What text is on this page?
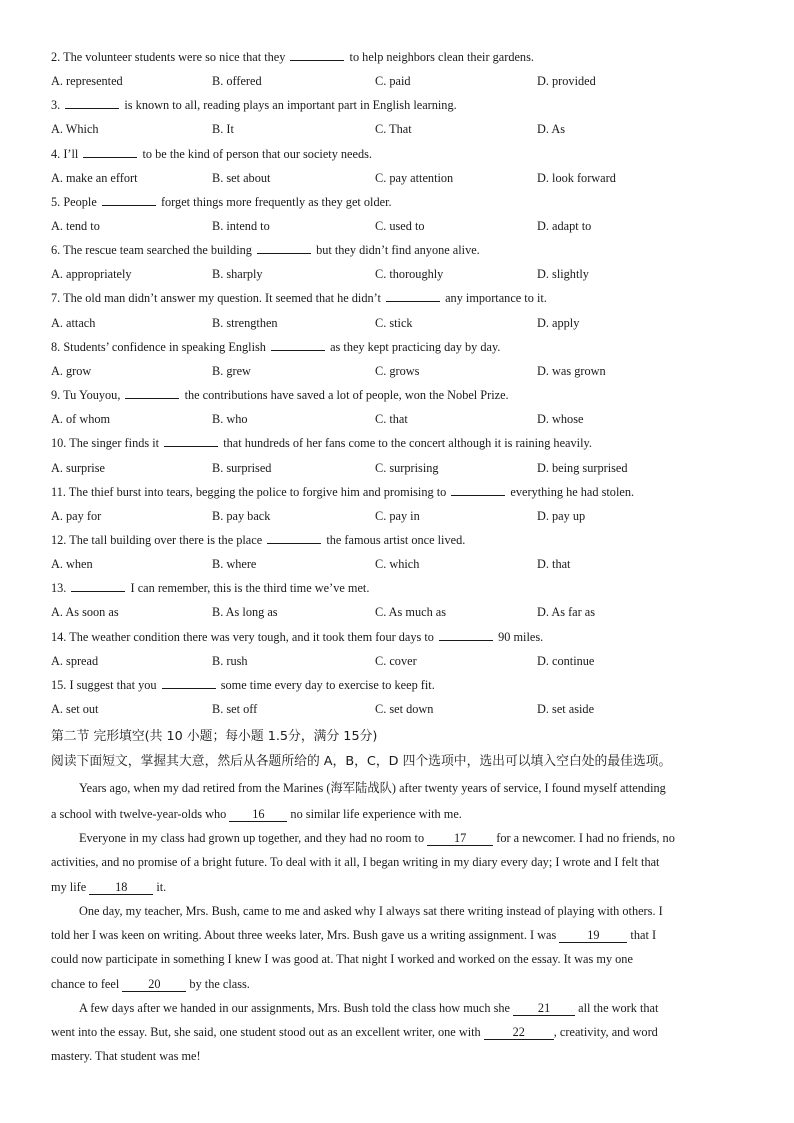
2. The volunteer students were so nice that they	to help neighbors clean their gardens.
A. represented	B. offered	C. paid	D. provided
3.	is known to all, reading plays an important part in English learning.
A. Which	B. It	C. That	D. As
4. I’ll	to be the kind of person that our society needs.
A. make an effort	B. set about	C. pay attention	D. look forward
5. People	forget things more frequently as they get older.
A. tend to	B. intend to	C. used to	D. adapt to
6. The rescue team searched the building	but they didn’t find anyone alive.
A. appropriately	B. sharply	C. thoroughly	D. slightly
7. The old man didn’t answer my question. It seemed that he didn’t	any importance to it.
A. attach	B. strengthen	C. stick	D. apply
8. Students’ confidence in speaking English	as they kept practicing day by day.
A. grow	B. grew	C. grows	D. was grown
9. Tu Youyou,	the contributions have saved a lot of people, won the Nobel Prize.
A. of whom	B. who	C. that	D. whose
10. The singer finds it	that hundreds of her fans come to the concert although it is raining heavily.
A. surprise	B. surprised	C. surprising	D. being surprised
11. The thief burst into tears, begging the police to forgive him and promising to	everything he had stolen.
A. pay for	B. pay back	C. pay in	D. pay up
12. The tall building over there is the place	the famous artist once lived.
A. when	B. where	C. which	D. that
13.	I can remember, this is the third time we’ve met.
A. As soon as	B. As long as	C. As much as	D. As far as
14. The weather condition there was very tough, and it took them four days to	90 miles.
A. spread	B. rush	C. cover	D. continue
15. I suggest that you	some time every day to exercise to keep fit.
A. set out	B. set off	C. set down	D. set aside
第二节 完形填空(共 10 小题；每小题 1.5分，满分 15分)
阅读下面短文，掌握其大意，然后从各题所给的 A，B，C，D 四个选项中，选出可以填入空白处的最佳选项。
Years ago, when my dad retired from the Marines (海军陆战队) after twenty years of service, I found myself attending
a school with twelve-year-olds who 16 no similar life experience with me.
Everyone in my class had grown up together, and they had no room to 17 for a newcomer. I had no friends, no
activities, and no promise of a bright future. To deal with it all, I began writing in my diary every day; I wrote and I felt that
my life 18 it.
One day, my teacher, Mrs. Bush, came to me and asked why I always sat there writing instead of playing with others. I
told her I was keen on writing. About three weeks later, Mrs. Bush gave us a writing assignment. I was 19 that I
could now participate in something I knew I was good at. That night I worked and worked on the essay. It was my one
chance to feel 20 by the class.
A few days after we handed in our assignments, Mrs. Bush told the class how much she 21 all the work that
went into the essay. But, she said, one student stood out as an excellent writer, one with 22 , creativity, and word
mastery. That student was me!
